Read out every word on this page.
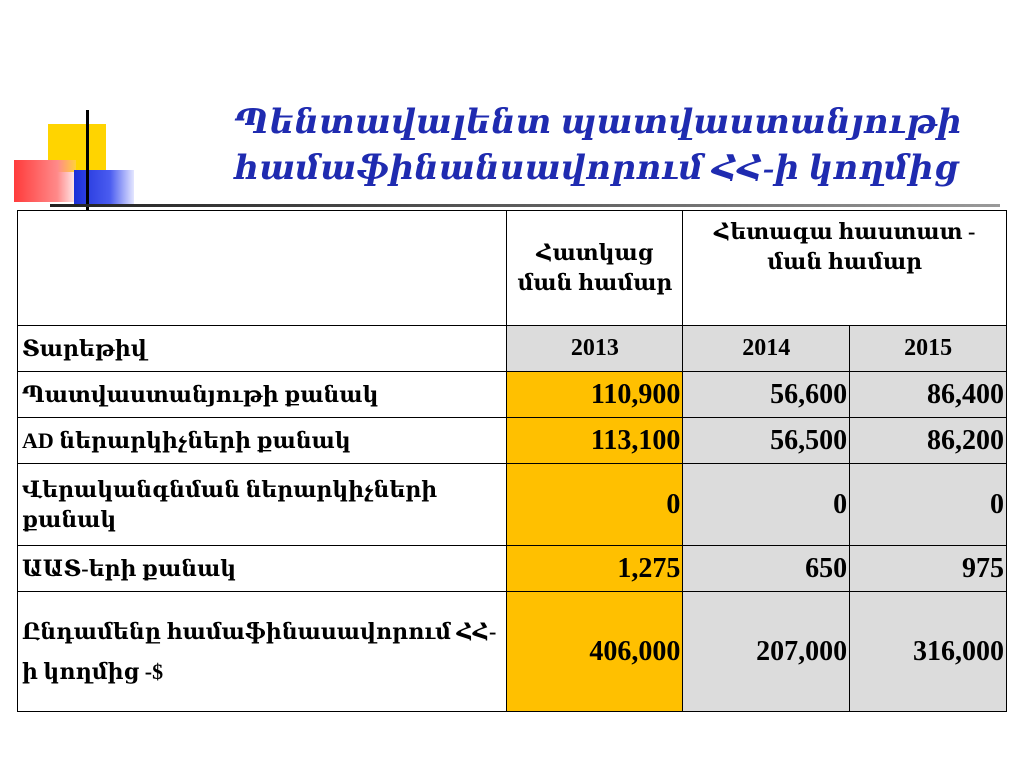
Պենտավալենտ պատվաստանյութի համաֆինանսավորում ՀՀ-ի կողմից
	Հատկաց ման համար	Հետագա հաստատ - ման համար	
Տարեթիվ	2013	2014	2015
Պատվաստանյութի քանակ	110,900	56,600	86,400
AD ներարկիչների քանակ	113,100	56,500	86,200
Վերականգնման ներարկիչների քանակ	0	0	0
ԱԱՏ-երի քանակ	1,275	650	975
Ընդամենը համաֆինասավորում ՀՀ-ի կողմից -$	406,000	207,000	316,000
